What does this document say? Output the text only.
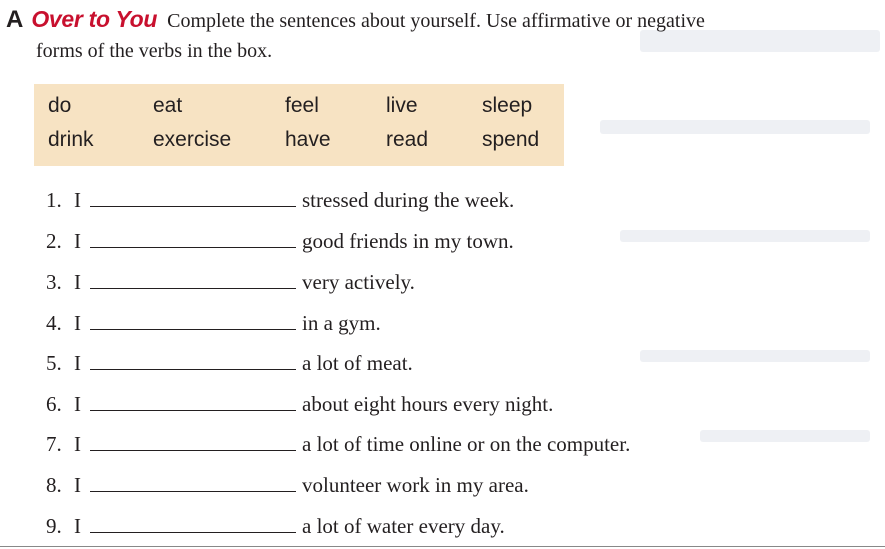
A Over to You Complete the sentences about yourself. Use affirmative or negative
forms of the verbs in the box.
do	eat	feel	live	sleep
drink	exercise	have	read	spend
1. I	stressed during the week.
2. I	good friends in my town.
3. I	very actively.
4. I	in a gym.
5. I	a lot of meat.
6. I	about eight hours every night.
7. I	a lot of time online or on the computer.
8. I	volunteer work in my area.
9. I	a lot of water every day.
